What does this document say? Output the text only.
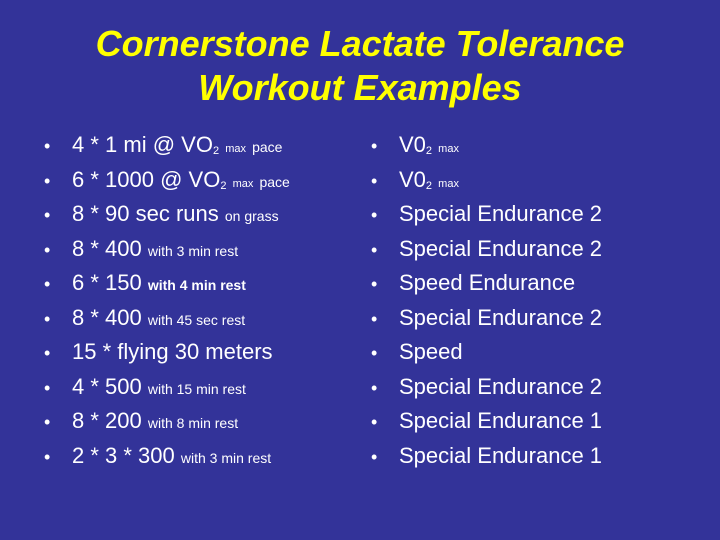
Cornerstone Lactate Tolerance
Workout Examples
• 4 * 1 mi @ VO2 max pace
• 6 * 1000 @ VO2 max pace
• 8 * 90 sec runs on grass
• 8 * 400 with 3 min rest
• 6 * 150 with 4 min rest
• 8 * 400 with 45 sec rest
• 15 * flying 30 meters
• 4 * 500 with 15 min rest
• 8 * 200 with 8 min rest
• 2 * 3 * 300 with 3 min rest
• V02 max
• V02 max
• Special Endurance 2
• Special Endurance 2
• Speed Endurance
• Special Endurance 2
• Speed
• Special Endurance 2
• Special Endurance 1
• Special Endurance 1
